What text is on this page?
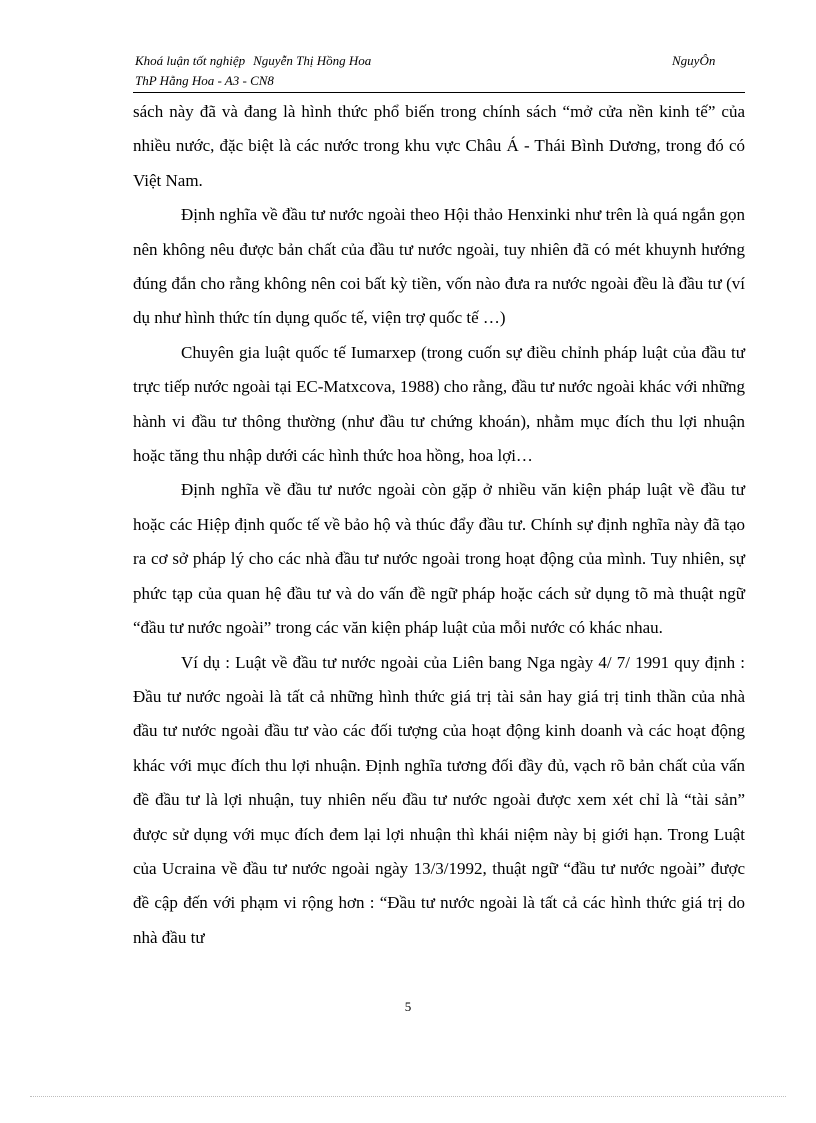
Khoá luận tốt nghiệp Nguyễn Thị Hồng Hoa
ThP Hằng Hoa - A3 - CN8
NguyÔn

sách này đã và đang là hình thức phổ biến trong chính sách “mở cửa nền kinh tế” của nhiều nước, đặc biệt là các nước trong khu vực Châu Á - Thái Bình Dương, trong đó có Việt Nam.

Định nghĩa về đầu tư nước ngoài theo Hội thảo Henxinki như trên là quá ngắn gọn nên không nêu được bản chất của đầu tư nước ngoài, tuy nhiên đã có mét khuynh hướng đúng đắn cho rằng không nên coi bất kỳ tiền, vốn nào đưa ra nước ngoài đều là đầu tư (ví dụ như hình thức tín dụng quốc tế, viện trợ quốc tế …)

Chuyên gia luật quốc tế Iumarxep (trong cuốn sự điều chỉnh pháp luật của đầu tư trực tiếp nước ngoài tại EC-Matxcova, 1988) cho rằng, đầu tư nước ngoài khác với những hành vi đầu tư thông thường (như đầu tư chứng khoán), nhằm mục đích thu lợi nhuận hoặc tăng thu nhập dưới các hình thức hoa hồng, hoa lợi…

Định nghĩa về đầu tư nước ngoài còn gặp ở nhiều văn kiện pháp luật về đầu tư hoặc các Hiệp định quốc tế về bảo hộ và thúc đẩy đầu tư. Chính sự định nghĩa này đã tạo ra cơ sở pháp lý cho các nhà đầu tư nước ngoài trong hoạt động của mình. Tuy nhiên, sự phức tạp của quan hệ đầu tư và do vấn đề ngữ pháp hoặc cách sử dụng tõ mà thuật ngữ “đầu tư nước ngoài” trong các văn kiện pháp luật của mỗi nước có khác nhau.

Ví dụ : Luật về đầu tư nước ngoài của Liên bang Nga ngày 4/ 7/ 1991 quy định : Đầu tư nước ngoài là tất cả những hình thức giá trị tài sản hay giá trị tinh thần của nhà đầu tư nước ngoài đầu tư vào các đối tượng của hoạt động kinh doanh và các hoạt động khác với mục đích thu lợi nhuận. Định nghĩa tương đối đầy đủ, vạch rõ bản chất của vấn đề đầu tư là lợi nhuận, tuy nhiên nếu đầu tư nước ngoài được xem xét chỉ là “tài sản” được sử dụng với mục đích đem lại lợi nhuận thì khái niệm này bị giới hạn. Trong Luật của Ucraina về đầu tư nước ngoài ngày 13/3/1992, thuật ngữ “đầu tư nước ngoài” được đề cập đến với phạm vi rộng hơn : “Đầu tư nước ngoài là tất cả các hình thức giá trị do nhà đầu tư

5
